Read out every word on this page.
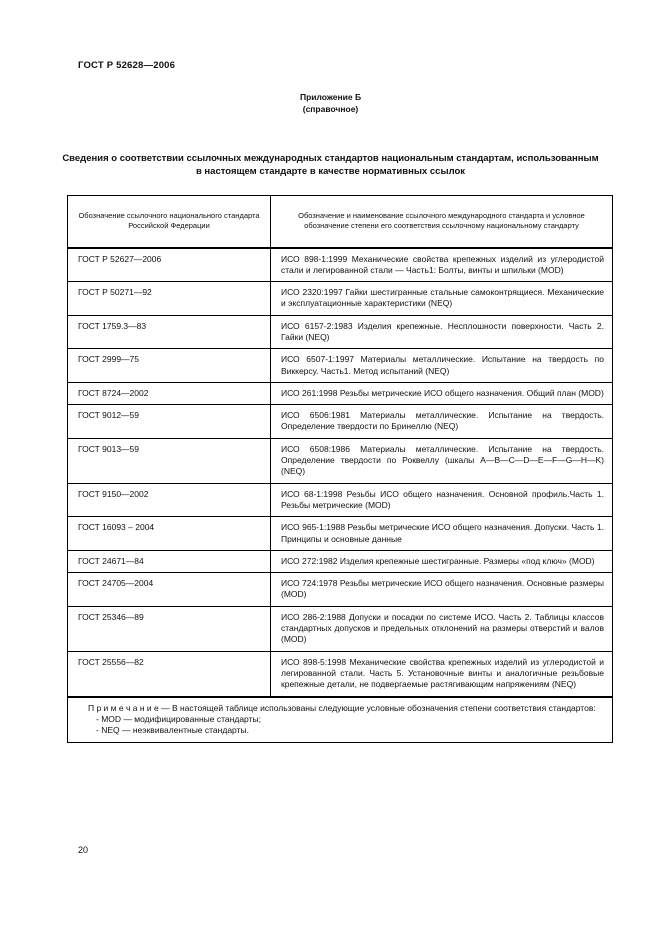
ГОСТ Р 52628—2006
Приложение Б
(справочное)
Сведения о соответствии ссылочных международных стандартов национальным стандартам, использованным в настоящем стандарте в качестве нормативных ссылок
Обозначение ссылочного национального стандарта Российской Федерации	Обозначение и наименование ссылочного международного стандарта и условное обозначение степени его соответствия ссылочному национальному стандарту
ГОСТ Р 52627—2006	ИСО 898-1:1999 Механические свойства крепежных изделий из углеродистой стали и легированной стали — Часть1: Болты, винты и шпильки (MOD)
ГОСТ Р 50271—92	ИСО 2320:1997 Гайки шестигранные стальные самоконтрящиеся. Механические и эксплуатационные характеристики (NEQ)
ГОСТ 1759.3—83	ИСО 6157-2:1983 Изделия крепежные. Несплошности поверхности. Часть 2. Гайки (NEQ)
ГОСТ 2999—75	ИСО 6507-1:1997 Материалы металлические. Испытание на твердость по Виккерсу. Часть1. Метод испытаний (NEQ)
ГОСТ 8724—2002	ИСО 261:1998 Резьбы метрические ИСО общего назначения. Общий план (MOD)
ГОСТ 9012—59	ИСО 6506:1981 Материалы металлические. Испытание на твердость. Определение твердости по Бринеллю (NEQ)
ГОСТ 9013—59	ИСО 6508:1986 Материалы металлические. Испытание на твердость. Определение твердости по Роквеллу (шкалы A—B—C—D—E—F—G—H—K) (NEQ)
ГОСТ 9150—2002	ИСО 68-1:1998 Резьбы ИСО общего назначения. Основной профиль.Часть 1. Резьбы метрические (MOD)
ГОСТ 16093 – 2004	ИСО 965-1:1988 Резьбы метрические ИСО общего назначения. Допуски. Часть 1. Принципы и основные данные
ГОСТ 24671—84	ИСО 272:1982 Изделия крепежные шестигранные. Размеры «под ключ» (MOD)
ГОСТ 24705—2004	ИСО 724:1978 Резьбы метрические ИСО общего назначения. Основные размеры (MOD)
ГОСТ 25346—89	ИСО 286-2:1988 Допуски и посадки по системе ИСО. Часть 2. Таблицы классов стандартных допусков и предельных отклонений на размеры отверстий и валов (MOD)
ГОСТ 25556—82	ИСО 898-5:1998 Механические свойства крепежных изделий из углеродистой и легированной стали. Часть 5. Установочные винты и аналогичные резьбовые крепежные детали, не подвергаемые растягивающим напряжениям (NEQ)

П р и м е ч а н и е — В настоящей таблице использованы следующие условные обозначения степени соответствия стандартов:
- MOD — модифицированные стандарты;
- NEQ — неэквивалентные стандарты.	
20
